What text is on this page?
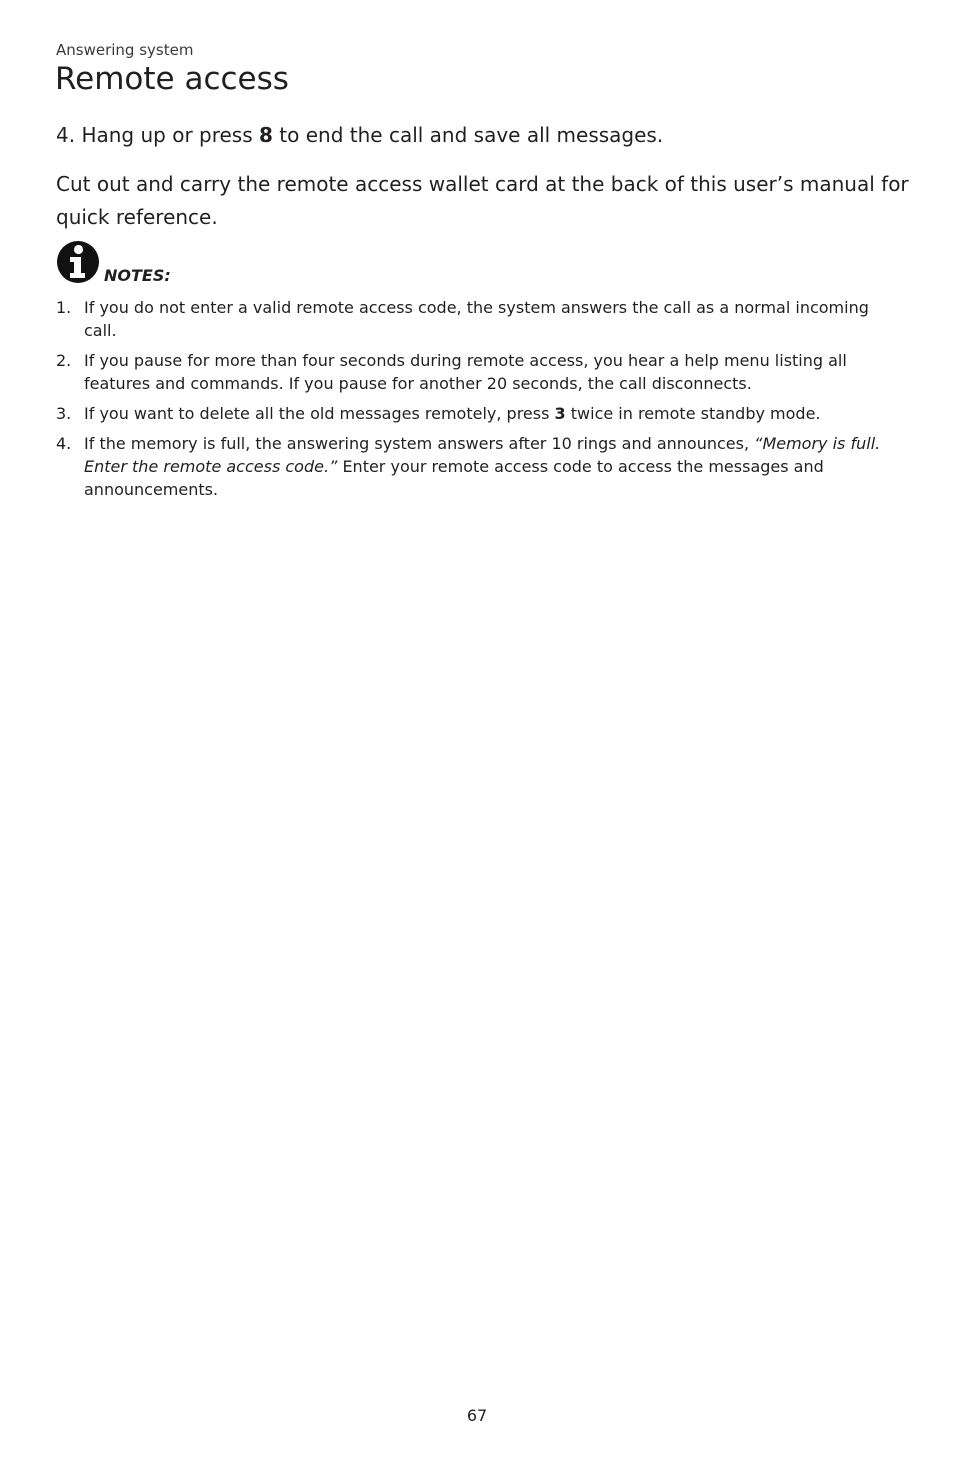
Answering system
Remote access
4. Hang up or press 8 to end the call and save all messages.
Cut out and carry the remote access wallet card at the back of this user’s manual for quick reference.
NOTES:
1. If you do not enter a valid remote access code, the system answers the call as a normal incoming call.
2. If you pause for more than four seconds during remote access, you hear a help menu listing all features and commands. If you pause for another 20 seconds, the call disconnects.
3. If you want to delete all the old messages remotely, press 3 twice in remote standby mode.
4. If the memory is full, the answering system answers after 10 rings and announces, “Memory is full. Enter the remote access code.” Enter your remote access code to access the messages and announcements.
67
